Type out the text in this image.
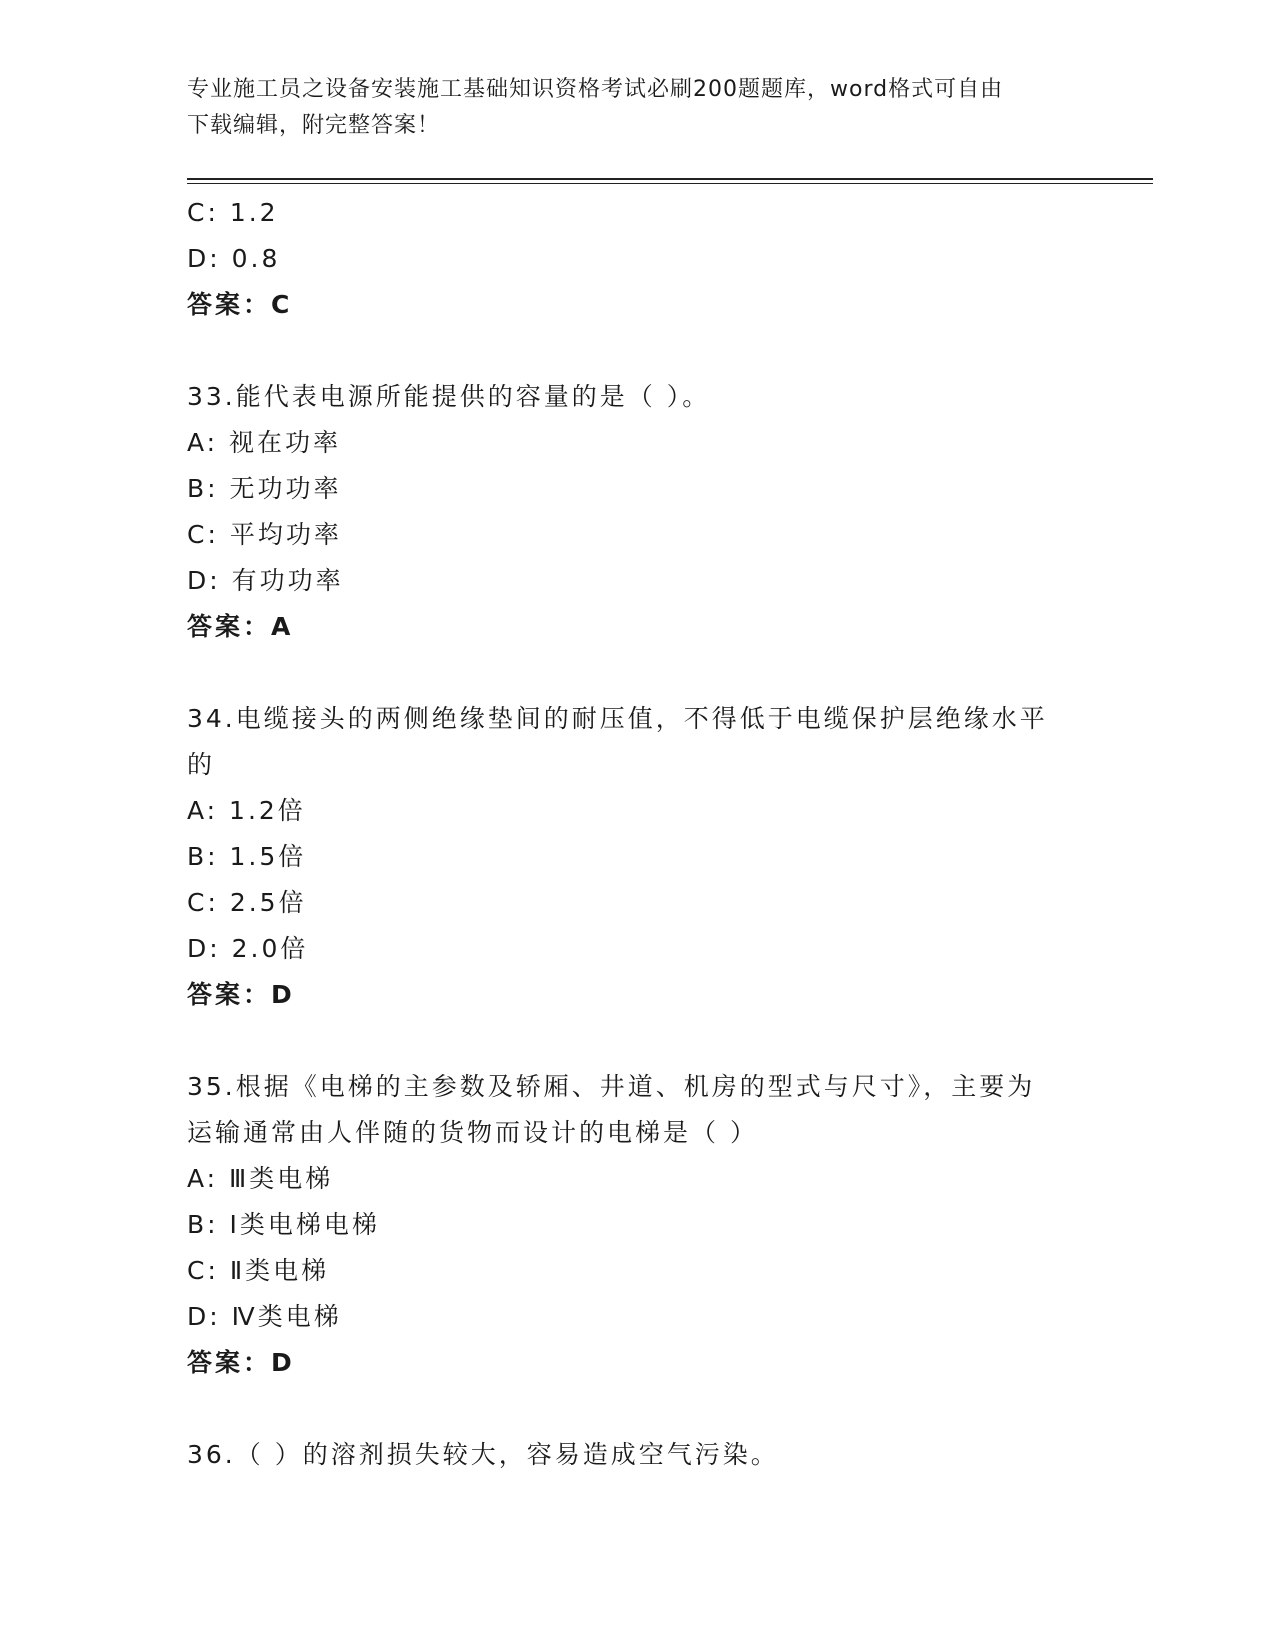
专业施工员之设备安装施工基础知识资格考试必刷200题题库，word格式可自由
下载编辑，附完整答案！
C: 1.2
D: 0.8
答案：C
33.能代表电源所能提供的容量的是（ ）。
A: 视在功率
B: 无功功率
C: 平均功率
D: 有功功率
答案：A
34.电缆接头的两侧绝缘垫间的耐压值，不得低于电缆保护层绝缘水平
的
A: 1.2倍
B: 1.5倍
C: 2.5倍
D: 2.0倍
答案：D
35.根据《电梯的主参数及轿厢、井道、机房的型式与尺寸》，主要为
运输通常由人伴随的货物而设计的电梯是（ ）
A: Ⅲ类电梯
B: Ⅰ类电梯电梯
C: Ⅱ类电梯
D: Ⅳ类电梯
答案：D
36.（ ）的溶剂损失较大，容易造成空气污染。
